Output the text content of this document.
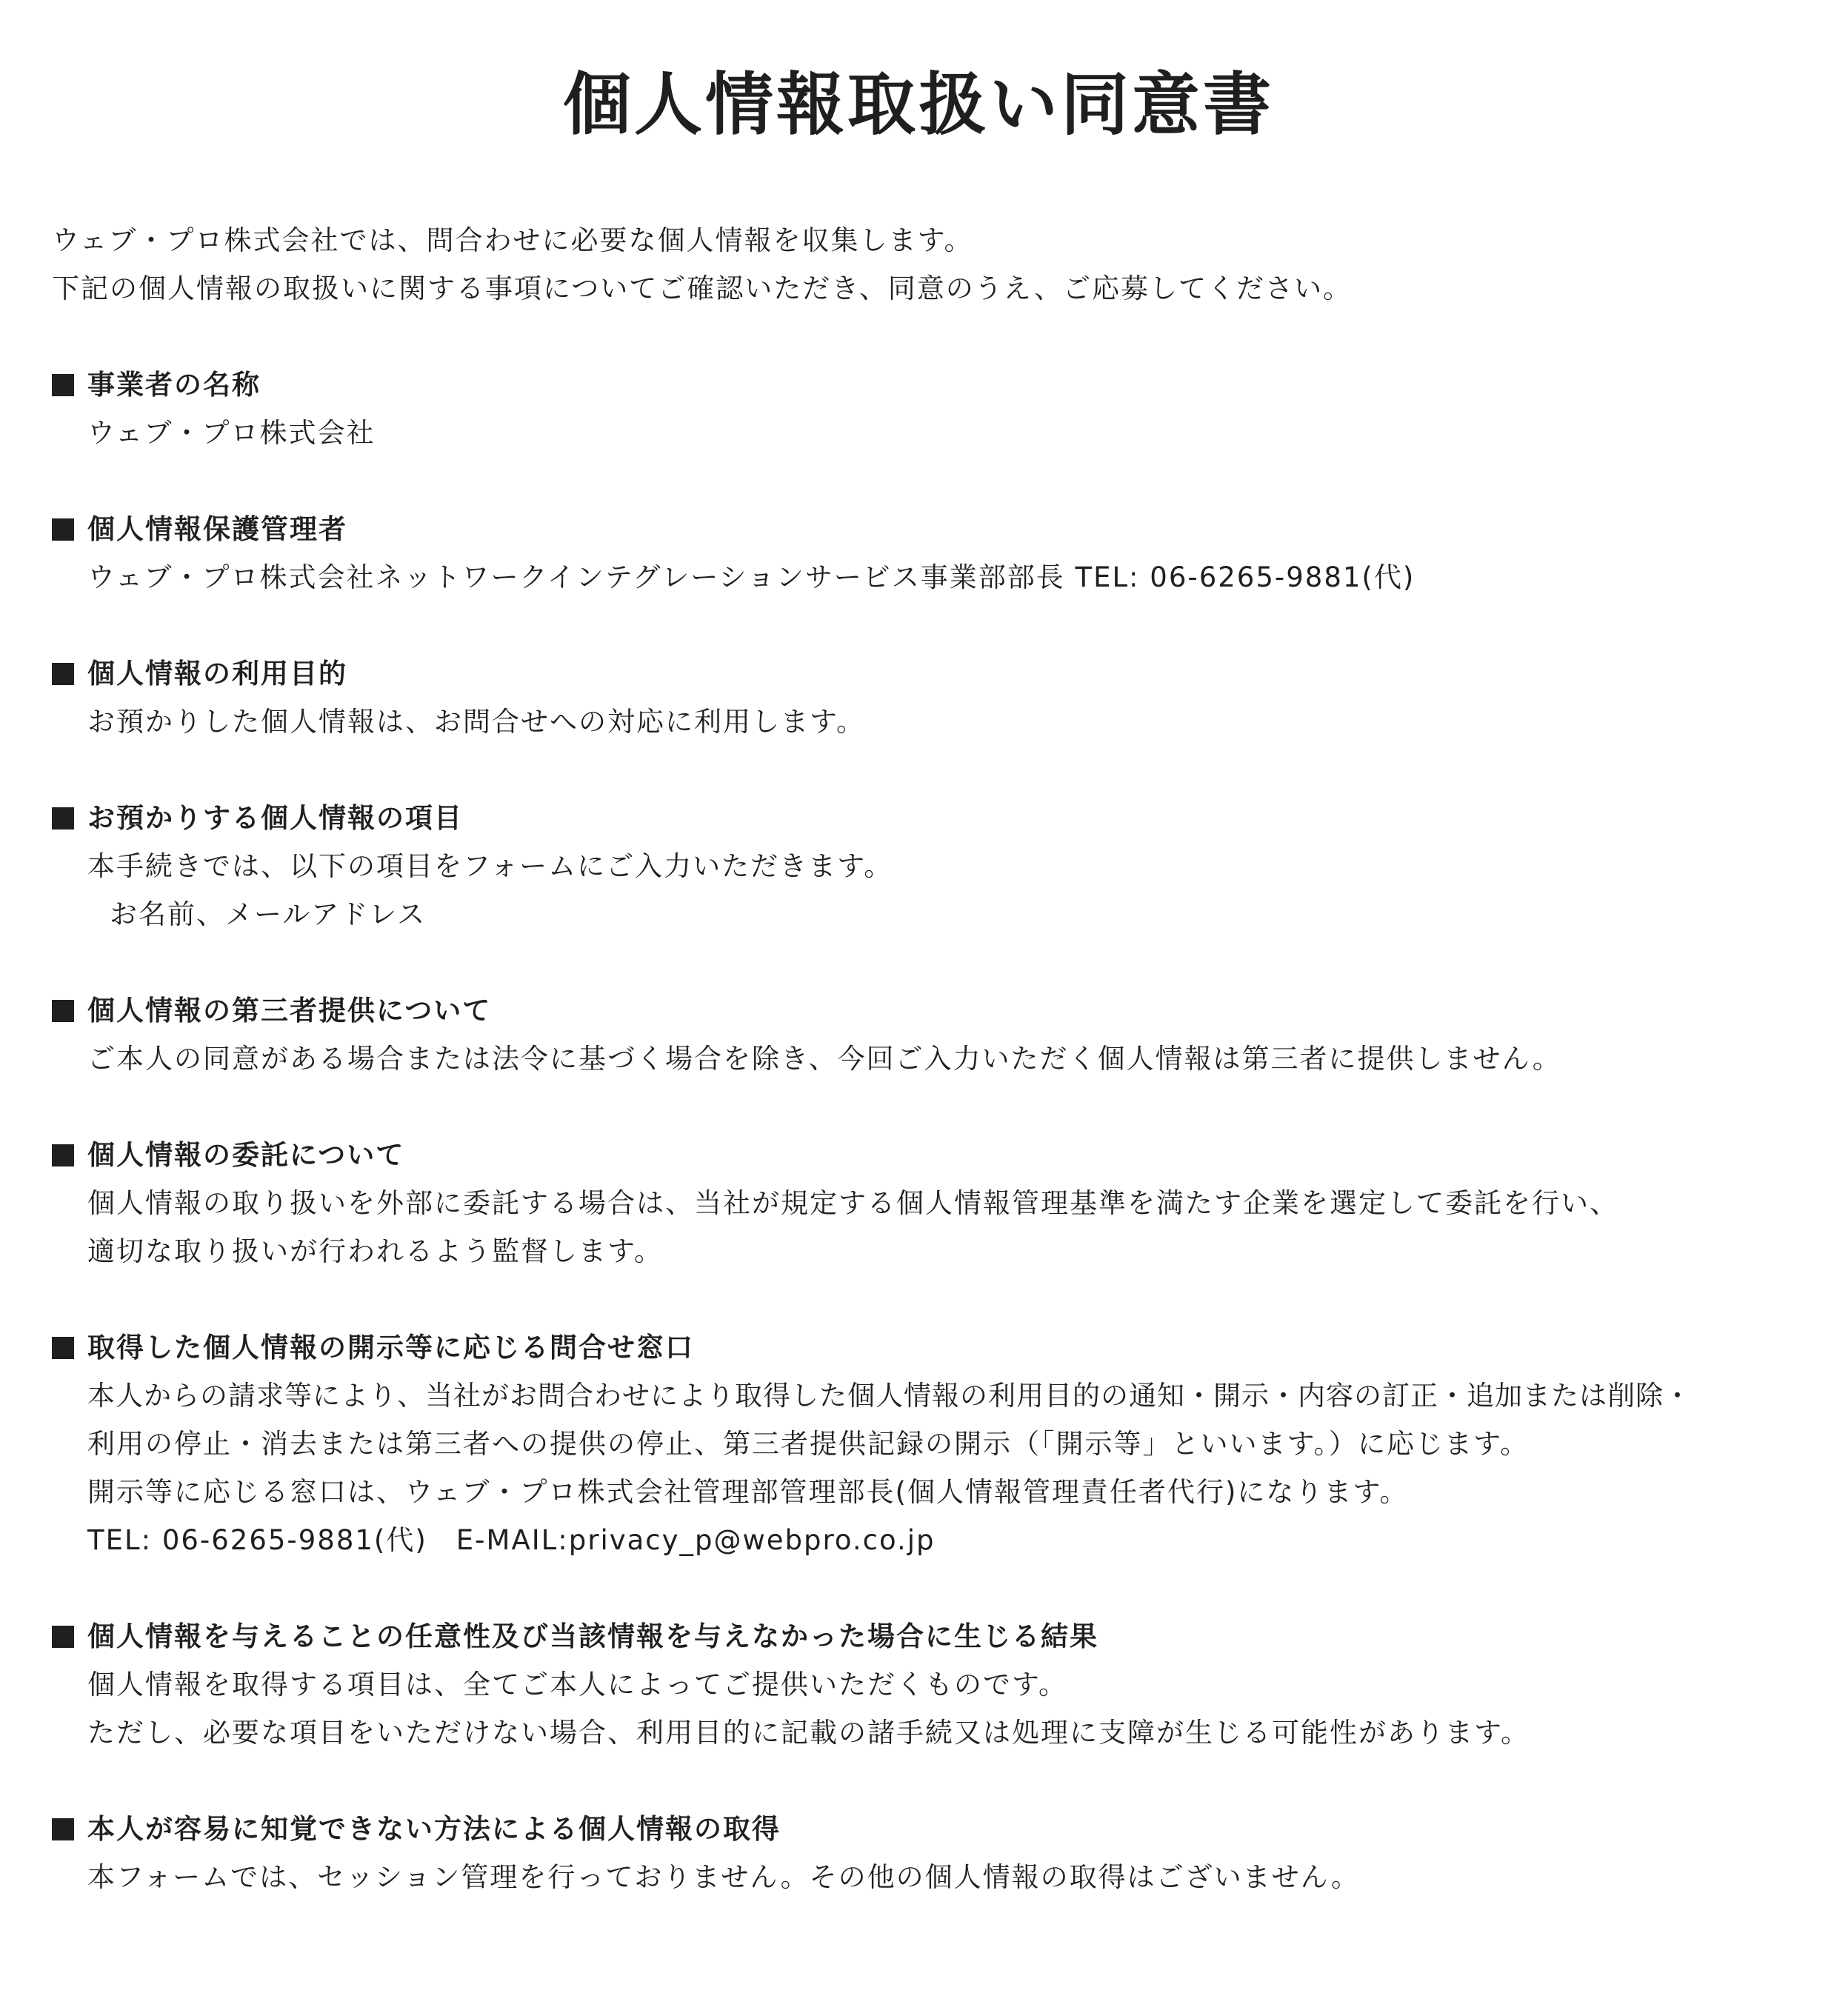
個人情報取扱い同意書
ウェブ・プロ株式会社では、問合わせに必要な個人情報を収集します。
下記の個人情報の取扱いに関する事項についてご確認いただき、同意のうえ、ご応募してください。
事業者の名称
ウェブ・プロ株式会社
個人情報保護管理者
ウェブ・プロ株式会社ネットワークインテグレーションサービス事業部部長 TEL: 06-6265-9881(代)
個人情報の利用目的
お預かりした個人情報は、お問合せへの対応に利用します。
お預かりする個人情報の項目
本手続きでは、以下の項目をフォームにご入力いただきます。
お名前、メールアドレス
個人情報の第三者提供について
ご本人の同意がある場合または法令に基づく場合を除き、今回ご入力いただく個人情報は第三者に提供しません。
個人情報の委託について
個人情報の取り扱いを外部に委託する場合は、当社が規定する個人情報管理基準を満たす企業を選定して委託を行い、
適切な取り扱いが行われるよう監督します。
取得した個人情報の開示等に応じる問合せ窓口
本人からの請求等により、当社がお問合わせにより取得した個人情報の利用目的の通知・開示・内容の訂正・追加または削除・
利用の停止・消去または第三者への提供の停止、第三者提供記録の開示（「開示等」といいます。）に応じます。
開示等に応じる窓口は、ウェブ・プロ株式会社管理部管理部長(個人情報管理責任者代行)になります。
TEL: 06-6265-9881(代)　E-MAIL:privacy_p@webpro.co.jp
個人情報を与えることの任意性及び当該情報を与えなかった場合に生じる結果
個人情報を取得する項目は、全てご本人によってご提供いただくものです。
ただし、必要な項目をいただけない場合、利用目的に記載の諸手続又は処理に支障が生じる可能性があります。
本人が容易に知覚できない方法による個人情報の取得
本フォームでは、セッション管理を行っておりません。その他の個人情報の取得はございません。
